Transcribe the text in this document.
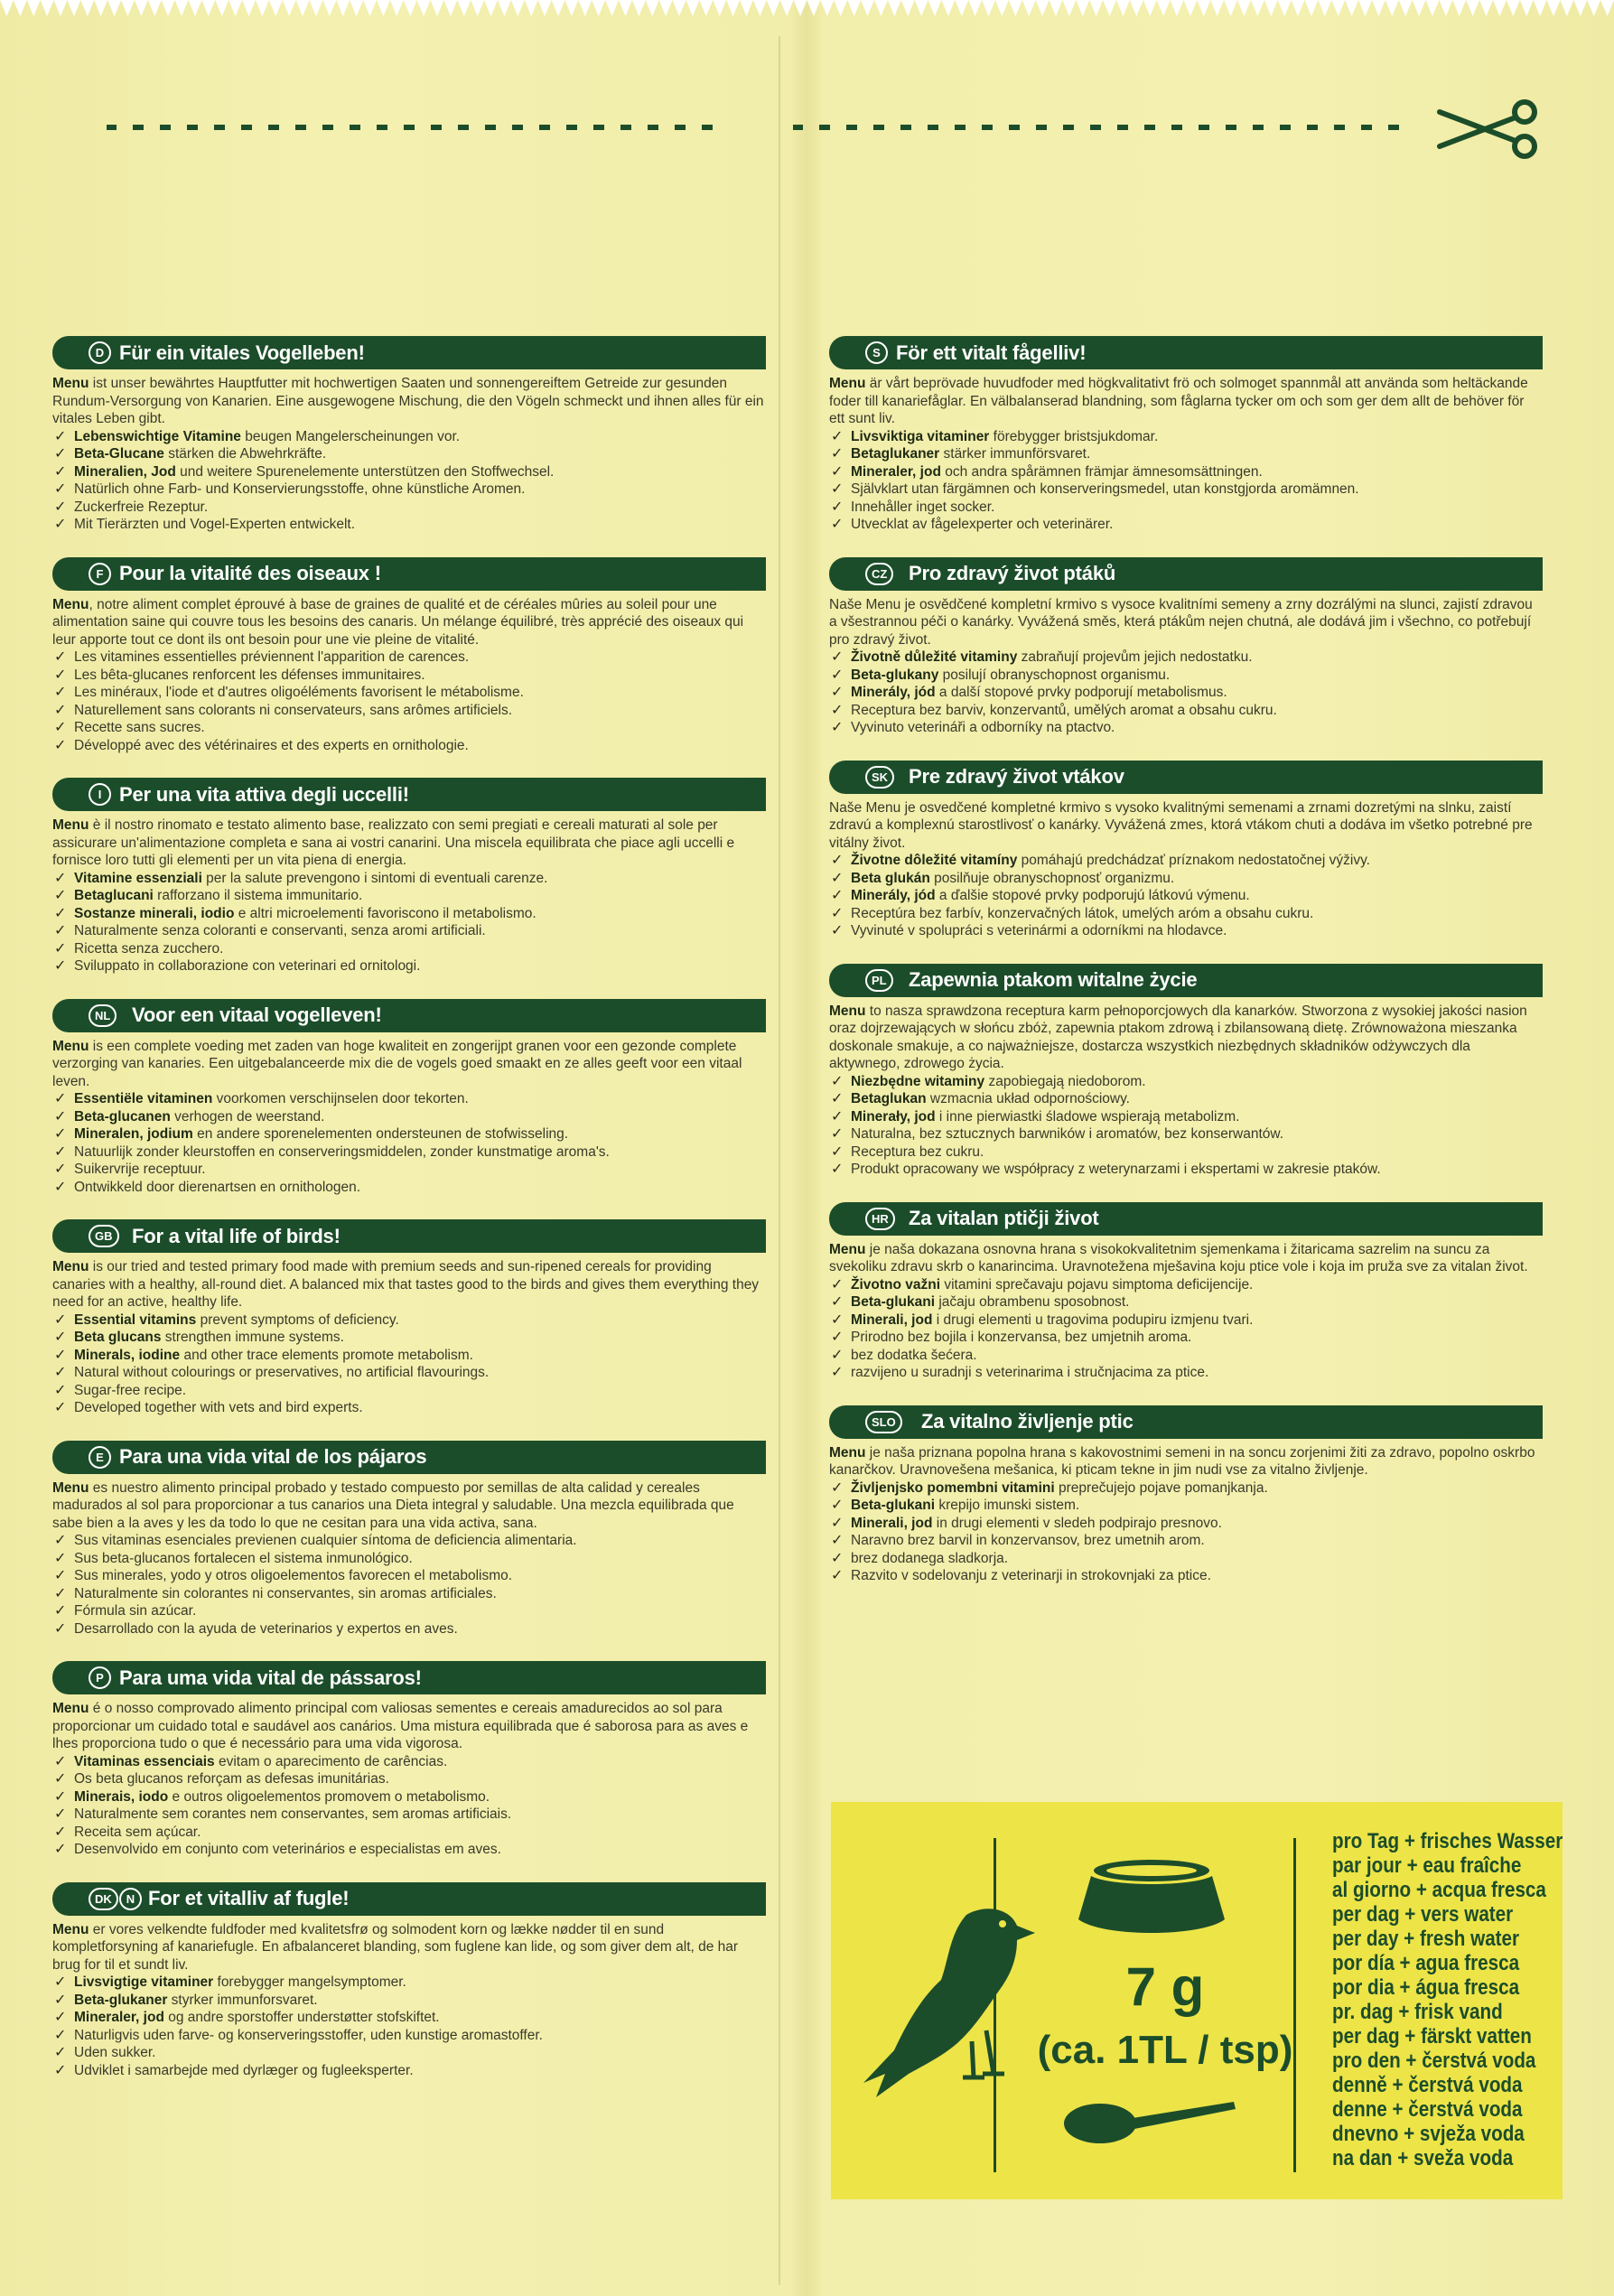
D Für ein vitales Vogelleben!

Menu ist unser bewährtes Hauptfutter mit hochwertigen Saaten und sonnengereiftem Getreide zur gesunden Rundum-Versorgung von Kanarien. Eine ausgewogene Mischung, die den Vögeln schmeckt und ihnen alles für ein vitales Leben gibt.

✓ Lebenswichtige Vitamine beugen Mangelerscheinungen vor.
✓ Beta-Glucane stärken die Abwehrkräfte.
✓ Mineralien, Jod und weitere Spurenelemente unterstützen den Stoffwechsel.
✓ Natürlich ohne Farb- und Konservierungsstoffe, ohne künstliche Aromen.
✓ Zuckerfreie Rezeptur.
✓ Mit Tierärzten und Vogel-Experten entwickelt.
F Pour la vitalité des oiseaux !

Menu, notre aliment complet éprouvé à base de graines de qualité et de céréales mûries au soleil pour une alimentation saine qui couvre tous les besoins des canaris. Un mélange équilibré, très apprécié des oiseaux qui leur apporte tout ce dont ils ont besoin pour une vie pleine de vitalité.

✓ Les vitamines essentielles préviennent l'apparition de carences.
✓ Les bêta-glucanes renforcent les défenses immunitaires.
✓ Les minéraux, l'iode et d'autres oligoéléments favorisent le métabolisme.
✓ Naturellement sans colorants ni conservateurs, sans arômes artificiels.
✓ Recette sans sucres.
✓ Développé avec des vétérinaires et des experts en ornithologie.
I Per una vita attiva degli uccelli!

Menu è il nostro rinomato e testato alimento base, realizzato con semi pregiati e cereali maturati al sole per assicurare un'alimentazione completa e sana ai vostri canarini. Una miscela equilibrata che piace agli uccelli e fornisce loro tutti gli elementi per un vita piena di energia.

✓ Vitamine essenziali per la salute prevengono i sintomi di eventuali carenze.
✓ Betaglucani rafforzano il sistema immunitario.
✓ Sostanze minerali, iodio e altri microelementi favoriscono il metabolismo.
✓ Naturalmente senza coloranti e conservanti, senza aromi artificiali.
✓ Ricetta senza zucchero.
✓ Sviluppato in collaborazione con veterinari ed ornitologi.
NL	Voor een vitaal vogelleven!

Menu is een complete voeding met zaden van hoge kwaliteit en zongerijpt granen voor een gezonde complete verzorging van kanaries. Een uitgebalanceerde mix die de vogels goed smaakt en ze alles geeft voor een vitaal leven.

✓ Essentiële vitaminen voorkomen verschijnselen door tekorten.
✓ Beta-glucanen verhogen de weerstand.
✓ Mineralen, jodium en andere sporenelementen ondersteunen de stofwisseling.
✓ Natuurlijk zonder kleurstoffen en conserveringsmiddelen, zonder kunstmatige aroma's.
✓ Suikervrije receptuur.
✓ Ontwikkeld door dierenartsen en ornithologen.
GB For a vital life of birds!

Menu is our tried and tested primary food made with premium seeds and sun-ripened cereals for providing canaries with a healthy, all-round diet. A balanced mix that tastes good to the birds and gives them everything they need for an active, healthy life.

✓ Essential vitamins prevent symptoms of deficiency.
✓ Beta glucans strengthen immune systems.
✓ Minerals, iodine and other trace elements promote metabolism.
✓ Natural without colourings or preservatives, no artificial flavourings.
✓ Sugar-free recipe.
✓ Developed together with vets and bird experts.
E Para una vida vital de los pájaros

Menu es nuestro alimento principal probado y testado compuesto por semillas de alta calidad y cereales madurados al sol para proporcionar a tus canarios una Dieta integral y saludable. Una mezcla equilibrada que sabe bien a la aves y les da todo lo que ne cesitan para una vida activa, sana.

✓ Sus vitaminas esenciales previenen cualquier síntoma de deficiencia alimentaria.
✓ Sus beta-glucanos fortalecen el sistema inmunológico.
✓ Sus minerales, yodo y otros oligoelementos favorecen el metabolismo.
✓ Naturalmente sin colorantes ni conservantes, sin aromas artificiales.
✓ Fórmula sin azúcar.
✓ Desarrollado con la ayuda de veterinarios y expertos en aves.
P Para uma vida vital de pássaros!

Menu é o nosso comprovado alimento principal com valiosas sementes e cereais amadurecidos ao sol para proporcionar um cuidado total e saudável aos canários. Uma mistura equilibrada que é saborosa para as aves e lhes proporciona tudo o que é necessário para uma vida vigorosa.

✓ Vitaminas essenciais evitam o aparecimento de carências.
✓ Os beta glucanos reforçam as defesas imunitárias.
✓ Minerais, iodo e outros oligoelementos promovem o metabolismo.
✓ Naturalmente sem corantes nem conservantes, sem aromas artificiais.
✓ Receita sem açúcar.
✓ Desenvolvido em conjunto com veterinários e especialistas em aves.
DK	N For et vitalliv af fugle!

Menu er vores velkendte fuldfoder med kvalitetsfrø og solmodent korn og lække nødder til en sund kompletforsyning af kanariefugle. En afbalanceret blanding, som fuglene kan lide, og som giver dem alt, de har brug for til et sundt liv.

✓ Livsvigtige vitaminer forebygger mangelsymptomer.
✓ Beta-glukaner styrker immunforsvaret.
✓ Mineraler, jod og andre sporstoffer understøtter stofskiftet.
✓ Naturligvis uden farve- og konserveringsstoffer, uden kunstige aromastoffer.
✓ Uden sukker.
✓ Udviklet i samarbejde med dyrlæger og fugleeksperter.
S För ett vitalt fågelliv!

Menu är vårt beprövade huvudfoder med högkvalitativt frö och solmoget spannmål att använda som heltäckande foder till kanariefåglar. En välbalanserad blandning, som fåglarna tycker om och som ger dem allt de behöver för ett sunt liv.

✓ Livsviktiga vitaminer förebygger bristsjukdomar.
✓ Betaglukaner stärker immunförsvaret.
✓ Mineraler, jod och andra spårämnen främjar ämnesomsättningen.
✓ Självklart utan färgämnen och konserveringsmedel, utan konstgjorda aromämnen.
✓ Innehåller inget socker.
✓ Utvecklat av fågelexperter och veterinärer.
CZ	Pro zdravý život ptáků

Naše Menu je osvědčené kompletní krmivo s vysoce kvalitními semeny a zrny dozrálými na slunci, zajistí zdravou a všestrannou péči o kanárky. Vyvážená směs, která ptákům nejen chutná, ale dodává jim i všechno, co potřebují pro zdravý život.

✓ Životně důležité vitaminy zabraňují projevům jejich nedostatku.
✓ Beta-glukany posilují obranyschopnost organismu.
✓ Minerály, jód a další stopové prvky podporují metabolismus.
✓ Receptura bez barviv, konzervantů, umělých aromat a obsahu cukru.
✓ Vyvinuto veterináři a odborníky na ptactvo.
SK	Pre zdravý život vtákov

Naše Menu je osvedčené kompletné krmivo s vysoko kvalitnými semenami a zrnami dozretými na slnku, zaistí zdravú a komplexnú starostlivosť o kanárky. Vyvážená zmes, ktorá vtákom chuti a dodáva im všetko potrebné pre vitálny život.

✓ Životne dôležité vitamíny pomáhajú predchádzať príznakom nedostatočnej výživy.
✓ Beta glukán posilňuje obranyschopnosť organizmu.
✓ Minerály, jód a ďalšie stopové prvky podporujú látkovú výmenu.
✓ Receptúra bez farbív, konzervačných látok, umelých aróm a obsahu cukru.
✓ Vyvinuté v spolupráci s veterinármi a odorníkmi na hlodavce.
PL	Zapewnia ptakom witalne życie

Menu to nasza sprawdzona receptura karm pełnoporcjowych dla kanarków. Stworzona z wysokiej jakości nasion oraz dojrzewających w słońcu zbóż, zapewnia ptakom zdrową i zbilansowaną dietę. Zrównoważona mieszanka doskonale smakuje, a co najważniejsze, dostarcza wszystkich niezbędnych składników odżywczych dla aktywnego, zdrowego życia.

✓ Niezbędne witaminy zapobiegają niedoborom.
✓ Betaglukan wzmacnia układ odpornościowy.
✓ Minerały, jod i inne pierwiastki śladowe wspierają metabolizm.
✓ Naturalna, bez sztucznych barwników i aromatów, bez konserwantów.
✓ Receptura bez cukru.
✓ Produkt opracowany we współpracy z weterynarzami i ekspertami w zakresie ptaków.
HR	Za vitalan ptičji život

Menu je naša dokazana osnovna hrana s visokokvalitetnim sjemenkama i žitaricama sazrelim na suncu za svekoliku zdravu skrb o kanarincima. Uravnotežena mješavina koju ptice vole i koja im pruža sve za vitalan život.

✓ Životno važni vitamini sprečavaju pojavu simptoma deficijencije.
✓ Beta-glukani jačaju obrambenu sposobnost.
✓ Minerali, jod i drugi elementi u tragovima podupiru izmjenu tvari.
✓ Prirodno bez bojila i konzervansa, bez umjetnih aroma.
✓ bez dodatka šećera.
✓ razvijeno u suradnji s veterinarima i stručnjacima za ptice.
SLO	Za vitalno življenje ptic

Menu je naša priznana popolna hrana s kakovostnimi semeni in na soncu zorjenimi žiti za zdravo, popolno oskrbo kanarčkov. Uravnovešena mešanica, ki pticam tekne in jim nudi vse za vitalno življenje.

✓ Življenjsko pomembni vitamini preprečujejo pojave pomanjkanja.
✓ Beta-glukani krepijo imunski sistem.
✓ Minerali, jod in drugi elementi v sledeh podpirajo presnovo.
✓ Naravno brez barvil in konzervansov, brez umetnih arom.
✓ brez dodanega sladkorja.
✓ Razvito v sodelovanju z veterinarji in strokovnjaki za ptice.
7 g
(ca. 1TL / tsp)
pro Tag + frisches Wasser
par jour + eau fraîche
al giorno + acqua fresca
per dag + vers water
per day + fresh water
por día + agua fresca
por dia + água fresca
pr. dag + frisk vand
per dag + färskt vatten
pro den + čerstvá voda
denně + čerstvá voda
denne + čerstvá voda
dnevno + svježa voda
na dan + sveža voda
